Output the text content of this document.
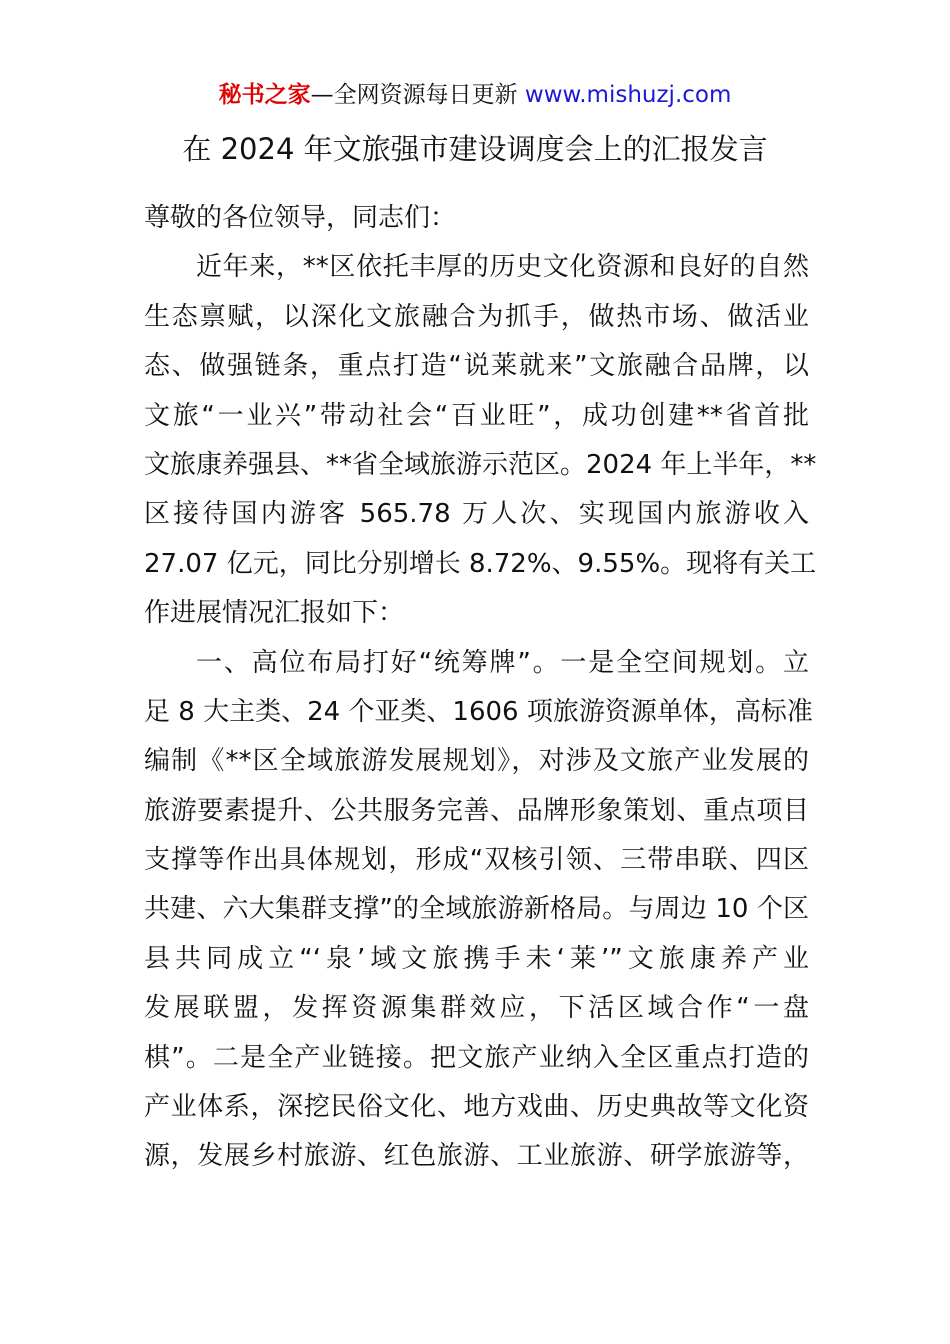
秘书之家—全网资源每日更新 www.mishuzj.com
在 2024 年文旅强市建设调度会上的汇报发言
尊敬的各位领导，同志们：
近年来，**区依托丰厚的历史文化资源和良好的自然
生态禀赋，以深化文旅融合为抓手，做热市场、做活业
态、做强链条，重点打造“说莱就来”文旅融合品牌，以
文旅“一业兴”带动社会“百业旺”，成功创建**省首批
文旅康养强县、**省全域旅游示范区。2024 年上半年，**
区接待国内游客 565.78 万人次、实现国内旅游收入
27.07 亿元，同比分别增长 8.72%、9.55%。现将有关工
作进展情况汇报如下：
一、高位布局打好“统筹牌”。一是全空间规划。立
足 8 大主类、24 个亚类、1606 项旅游资源单体，高标准
编制《**区全域旅游发展规划》，对涉及文旅产业发展的
旅游要素提升、公共服务完善、品牌形象策划、重点项目
支撑等作出具体规划，形成“双核引领、三带串联、四区
共建、六大集群支撑”的全域旅游新格局。与周边 10 个区
县共同成立“‘泉’域文旅携手未‘莱’”文旅康养产业
发展联盟，发挥资源集群效应，下活区域合作“一盘
棋”。二是全产业链接。把文旅产业纳入全区重点打造的
产业体系，深挖民俗文化、地方戏曲、历史典故等文化资
源，发展乡村旅游、红色旅游、工业旅游、研学旅游等，
